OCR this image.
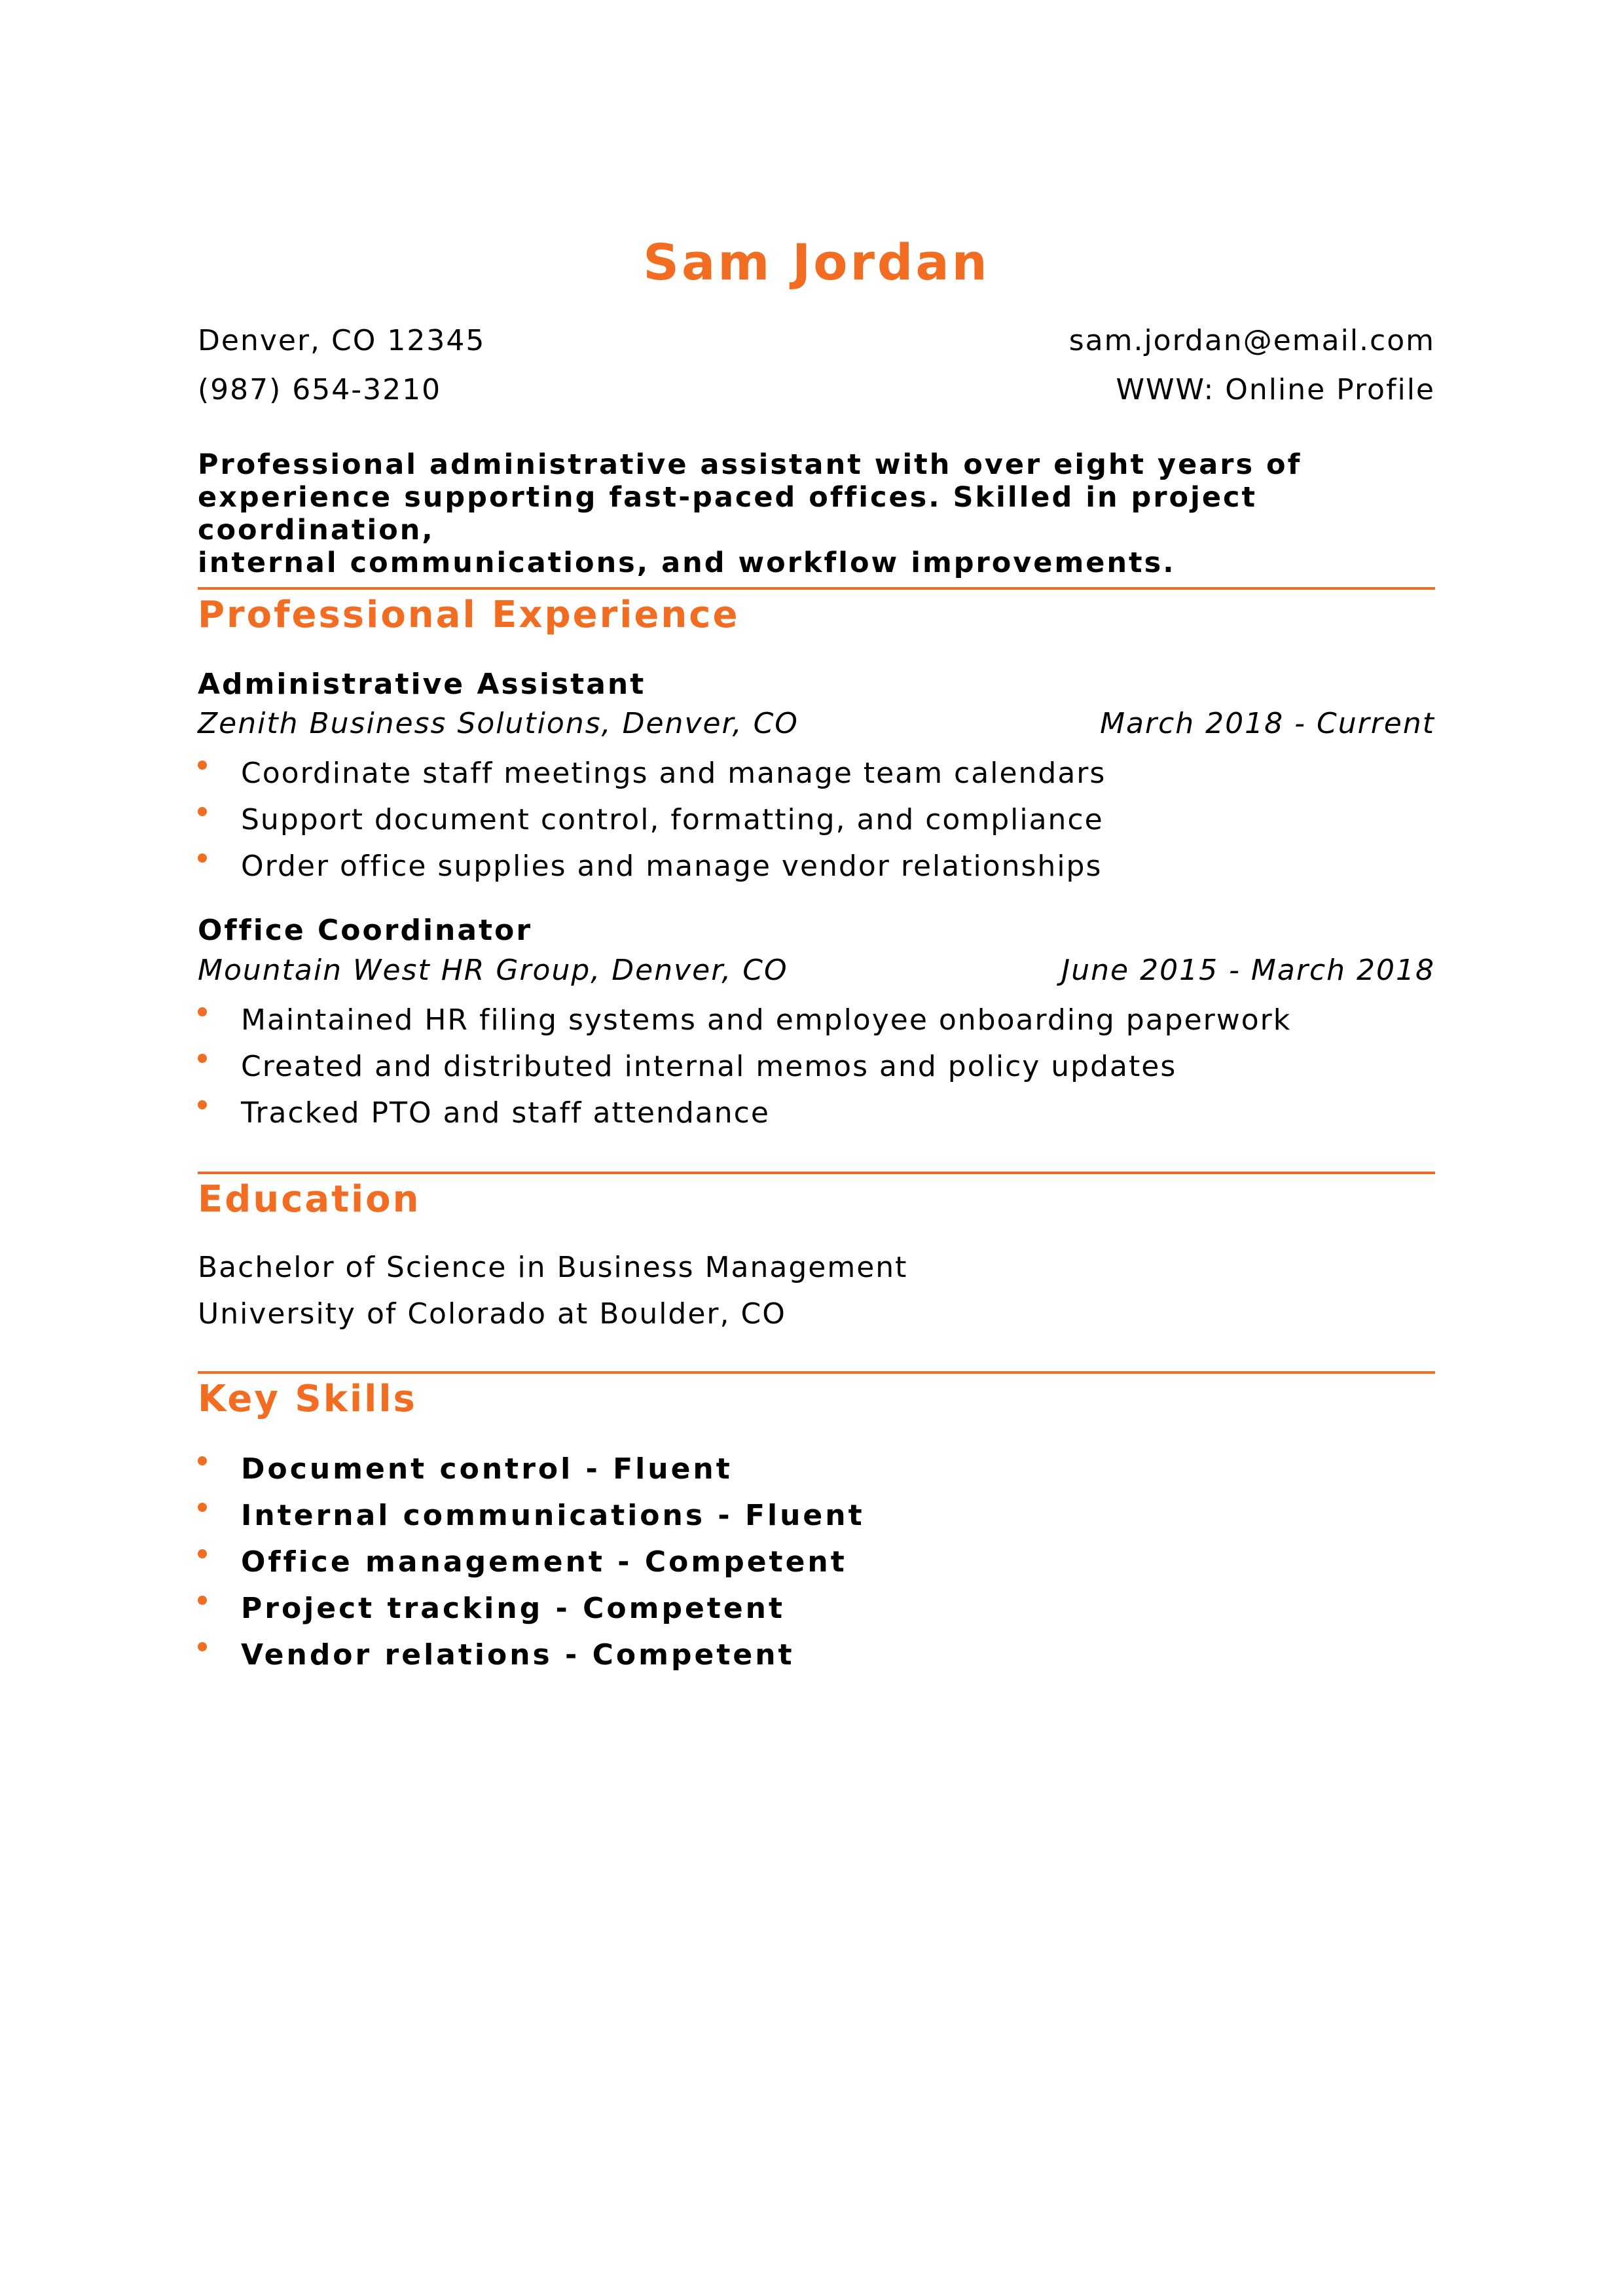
Sam Jordan
Denver, CO 12345	sam.jordan@email.com
(987) 654-3210	WWW: Online Profile
Professional administrative assistant with over eight years of
experience supporting fast-paced offices. Skilled in project coordination,
internal communications, and workflow improvements.
Professional Experience
Administrative Assistant
Zenith Business Solutions, Denver, CO	March 2018 - Current
Coordinate staff meetings and manage team calendars
Support document control, formatting, and compliance
Order office supplies and manage vendor relationships
Office Coordinator
Mountain West HR Group, Denver, CO	June 2015 - March 2018
Maintained HR filing systems and employee onboarding paperwork
Created and distributed internal memos and policy updates
Tracked PTO and staff attendance
Education
Bachelor of Science in Business Management
University of Colorado at Boulder, CO
Key Skills
Document control - Fluent
Internal communications - Fluent
Office management - Competent
Project tracking - Competent
Vendor relations - Competent
